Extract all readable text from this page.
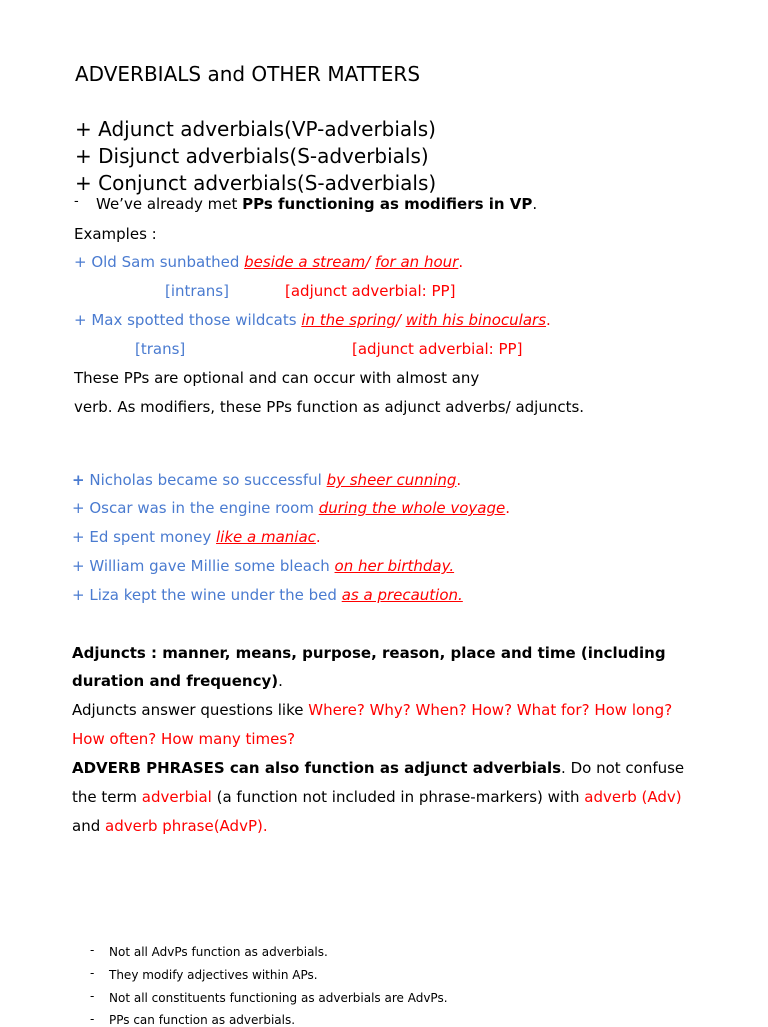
ADVERBIALS and OTHER MATTERS
+ Adjunct adverbials(VP-adverbials)
+ Disjunct adverbials(S-adverbials)
+ Conjunct adverbials(S-adverbials)
- We’ve already met PPs functioning as modifiers in VP.
Examples :
+ Old Sam sunbathed beside a stream/ for an hour.
[intrans]	[adjunct adverbial: PP]
+ Max spotted those wildcats in the spring/ with his binoculars.
[trans]	[adjunct adverbial: PP]
These PPs are optional and can occur with almost any
verb. As modifiers, these PPs function as adjunct adverbs/ adjuncts.
+ Nicholas became so successful by sheer cunning.
+ Oscar was in the engine room during the whole voyage.
+ Ed spent money like a maniac.
+ William gave Millie some bleach on her birthday.
+ Liza kept the wine under the bed as a precaution.
Adjuncts : manner, means, purpose, reason, place and time (including
duration and frequency).
Adjuncts answer questions like Where? Why? When? How? What for? How long?
How often? How many times?
ADVERB PHRASES can also function as adjunct adverbials. Do not confuse
the term adverbial (a function not included in phrase-markers) with adverb (Adv)
and adverb phrase(AdvP).
- Not all AdvPs function as adverbials.
- They modify adjectives within APs.
- Not all constituents functioning as adverbials are AdvPs.
- PPs can function as adverbials.
